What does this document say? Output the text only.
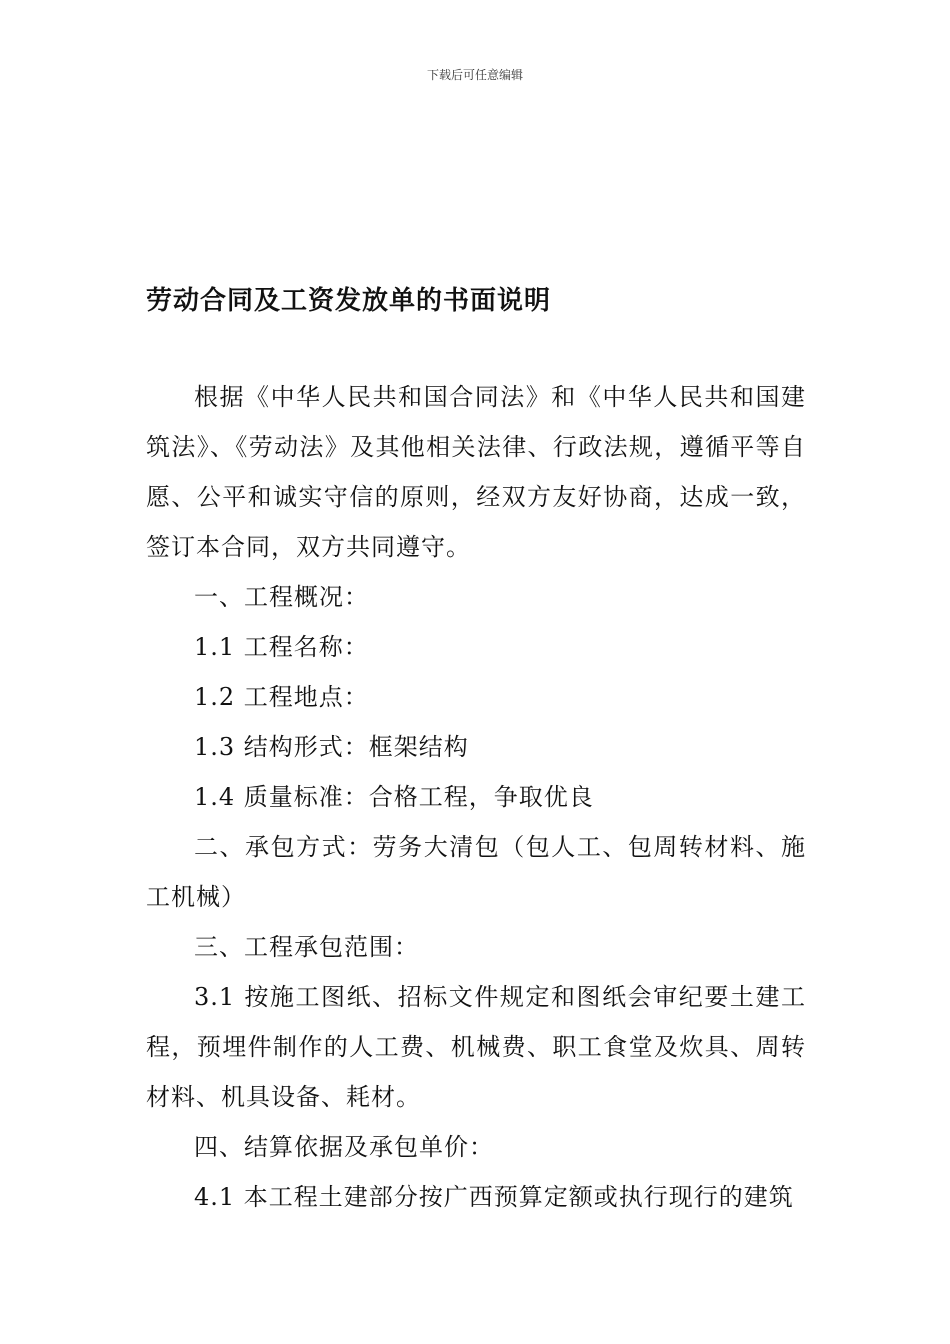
下载后可任意编辑
劳动合同及工资发放单的书面说明

根据《中华人民共和国合同法》和《中华人民共和国建筑法》、《劳动法》及其他相关法律、行政法规，遵循平等自愿、公平和诚实守信的原则，经双方友好协商，达成一致，签订本合同，双方共同遵守。

一、工程概况：

1.1 工程名称：

1.2 工程地点：

1.3 结构形式：框架结构

1.4 质量标准：合格工程，争取优良

二、承包方式：劳务大清包（包人工、包周转材料、施工机械）

三、工程承包范围：

3.1 按施工图纸、招标文件规定和图纸会审纪要土建工程，预埋件制作的人工费、机械费、职工食堂及炊具、周转材料、机具设备、耗材。

四、结算依据及承包单价：

4.1 本工程土建部分按广西预算定额或执行现行的建筑
